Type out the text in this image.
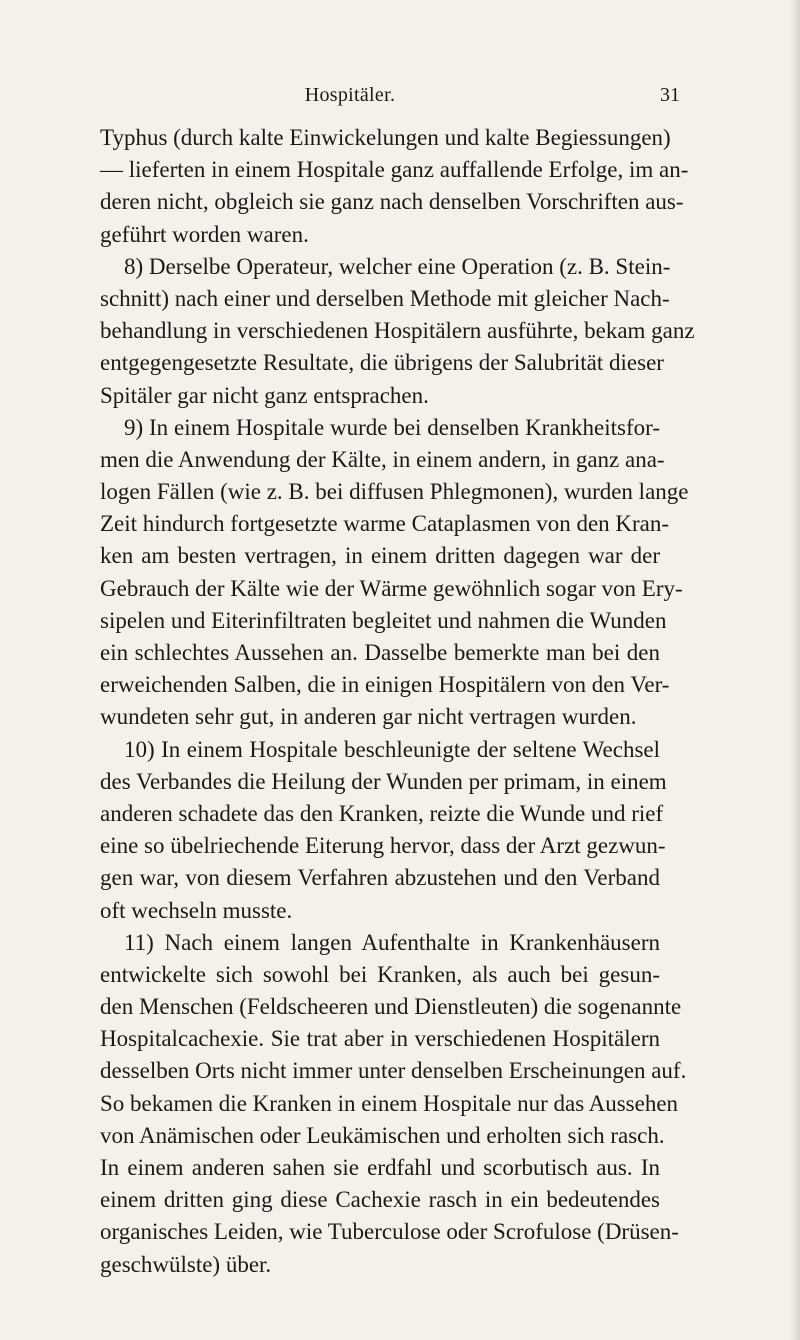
Hospitäler.	31
Typhus (durch kalte Einwickelungen und kalte Begiessungen)
— lieferten in einem Hospitale ganz auffallende Erfolge, im an-
deren nicht, obgleich sie ganz nach denselben Vorschriften aus-
geführt worden waren.
8) Derselbe Operateur, welcher eine Operation (z. B. Stein-
schnitt) nach einer und derselben Methode mit gleicher Nach-
behandlung in verschiedenen Hospitälern ausführte, bekam ganz
entgegengesetzte Resultate, die übrigens der Salubrität dieser
Spitäler gar nicht ganz entsprachen.
9) In einem Hospitale wurde bei denselben Krankheitsfor-
men die Anwendung der Kälte, in einem andern, in ganz ana-
logen Fällen (wie z. B. bei diffusen Phlegmonen), wurden lange
Zeit hindurch fortgesetzte warme Cataplasmen von den Kran-
ken am besten vertragen, in einem dritten dagegen war der
Gebrauch der Kälte wie der Wärme gewöhnlich sogar von Ery-
sipelen und Eiterinfiltraten begleitet und nahmen die Wunden
ein schlechtes Aussehen an. Dasselbe bemerkte man bei den
erweichenden Salben, die in einigen Hospitälern von den Ver-
wundeten sehr gut, in anderen gar nicht vertragen wurden.
10) In einem Hospitale beschleunigte der seltene Wechsel
des Verbandes die Heilung der Wunden per primam, in einem
anderen schadete das den Kranken, reizte die Wunde und rief
eine so übelriechende Eiterung hervor, dass der Arzt gezwun-
gen war, von diesem Verfahren abzustehen und den Verband
oft wechseln musste.
11) Nach einem langen Aufenthalte in Krankenhäusern
entwickelte sich sowohl bei Kranken, als auch bei gesun-
den Menschen (Feldscheeren und Dienstleuten) die sogenannte
Hospitalcachexie. Sie trat aber in verschiedenen Hospitälern
desselben Orts nicht immer unter denselben Erscheinungen auf.
So bekamen die Kranken in einem Hospitale nur das Aussehen
von Anämischen oder Leukämischen und erholten sich rasch.
In einem anderen sahen sie erdfahl und scorbutisch aus. In
einem dritten ging diese Cachexie rasch in ein bedeutendes
organisches Leiden, wie Tuberculose oder Scrofulose (Drüsen-
geschwülste) über.
